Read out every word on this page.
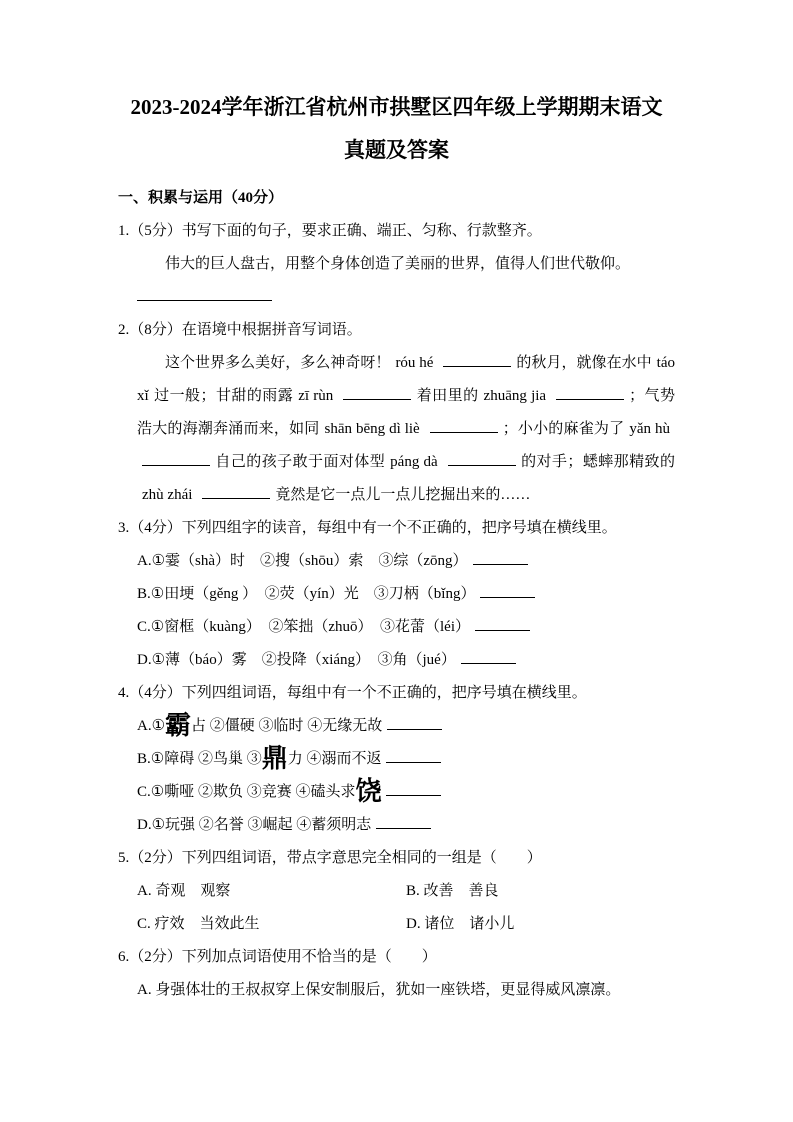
2023-2024学年浙江省杭州市拱墅区四年级上学期期末语文
真题及答案
一、积累与运用（40分）

1.（5分）书写下面的句子，要求正确、端正、匀称、行款整齐。

伟大的巨人盘古，用整个身体创造了美丽的世界，值得人们世代敬仰。

2.（8分）在语境中根据拼音写词语。

这个世界多么美好，多么神奇呀！ róu hé	的秋月，就像在水中 táo xǐ 过一般；甘甜的雨露 zī rùn	着田里的 zhuāng jia	；气势浩大的海潮奔涌而来，如同 shān bēng dì liè	；小小的麻雀为了 yǎn hù自己的孩子敢于面对体型 páng dà	的对手；蟋蟀那精致的zhù zhái	竟然是它一点儿一点儿挖掘出来的……

3.（4分）下列四组字的读音，每组中有一个不正确的，把序号填在横线里。

A.①霎（shà）时　②搜（shōu）索　③综（zōng）
B.①田埂（gěng ）　②荧（yín）光　③刀柄（bǐng）
C.①窗框（kuàng）　②笨拙（zhuō）　③花蕾（léi）
D.①薄（báo）雾　②投降（xiáng）　③角（jué）

4.（4分）下列四组词语，每组中有一个不正确的，把序号填在横线里。

A.①霸占 ②僵硬 ③临时 ④无缘无故
B.①障碍 ②鸟巢 ③鼎力 ④溺而不返
C.①嘶哑 ②欺负 ③竞赛 ④磕头求饶
D.①玩强 ②名誉 ③崛起 ④蓄须明志

5.（2分）下列四组词语，带点字意思完全相同的一组是（　　）

A. 奇观　观察	B. 改善　善良
C. 疗效　当效此生	D. 诸位　诸小儿

6.（2分）下列加点词语使用不恰当的是（　　）

A. 身强体壮的王叔叔穿上保安制服后，犹如一座铁塔，更显得威风凛凛。
